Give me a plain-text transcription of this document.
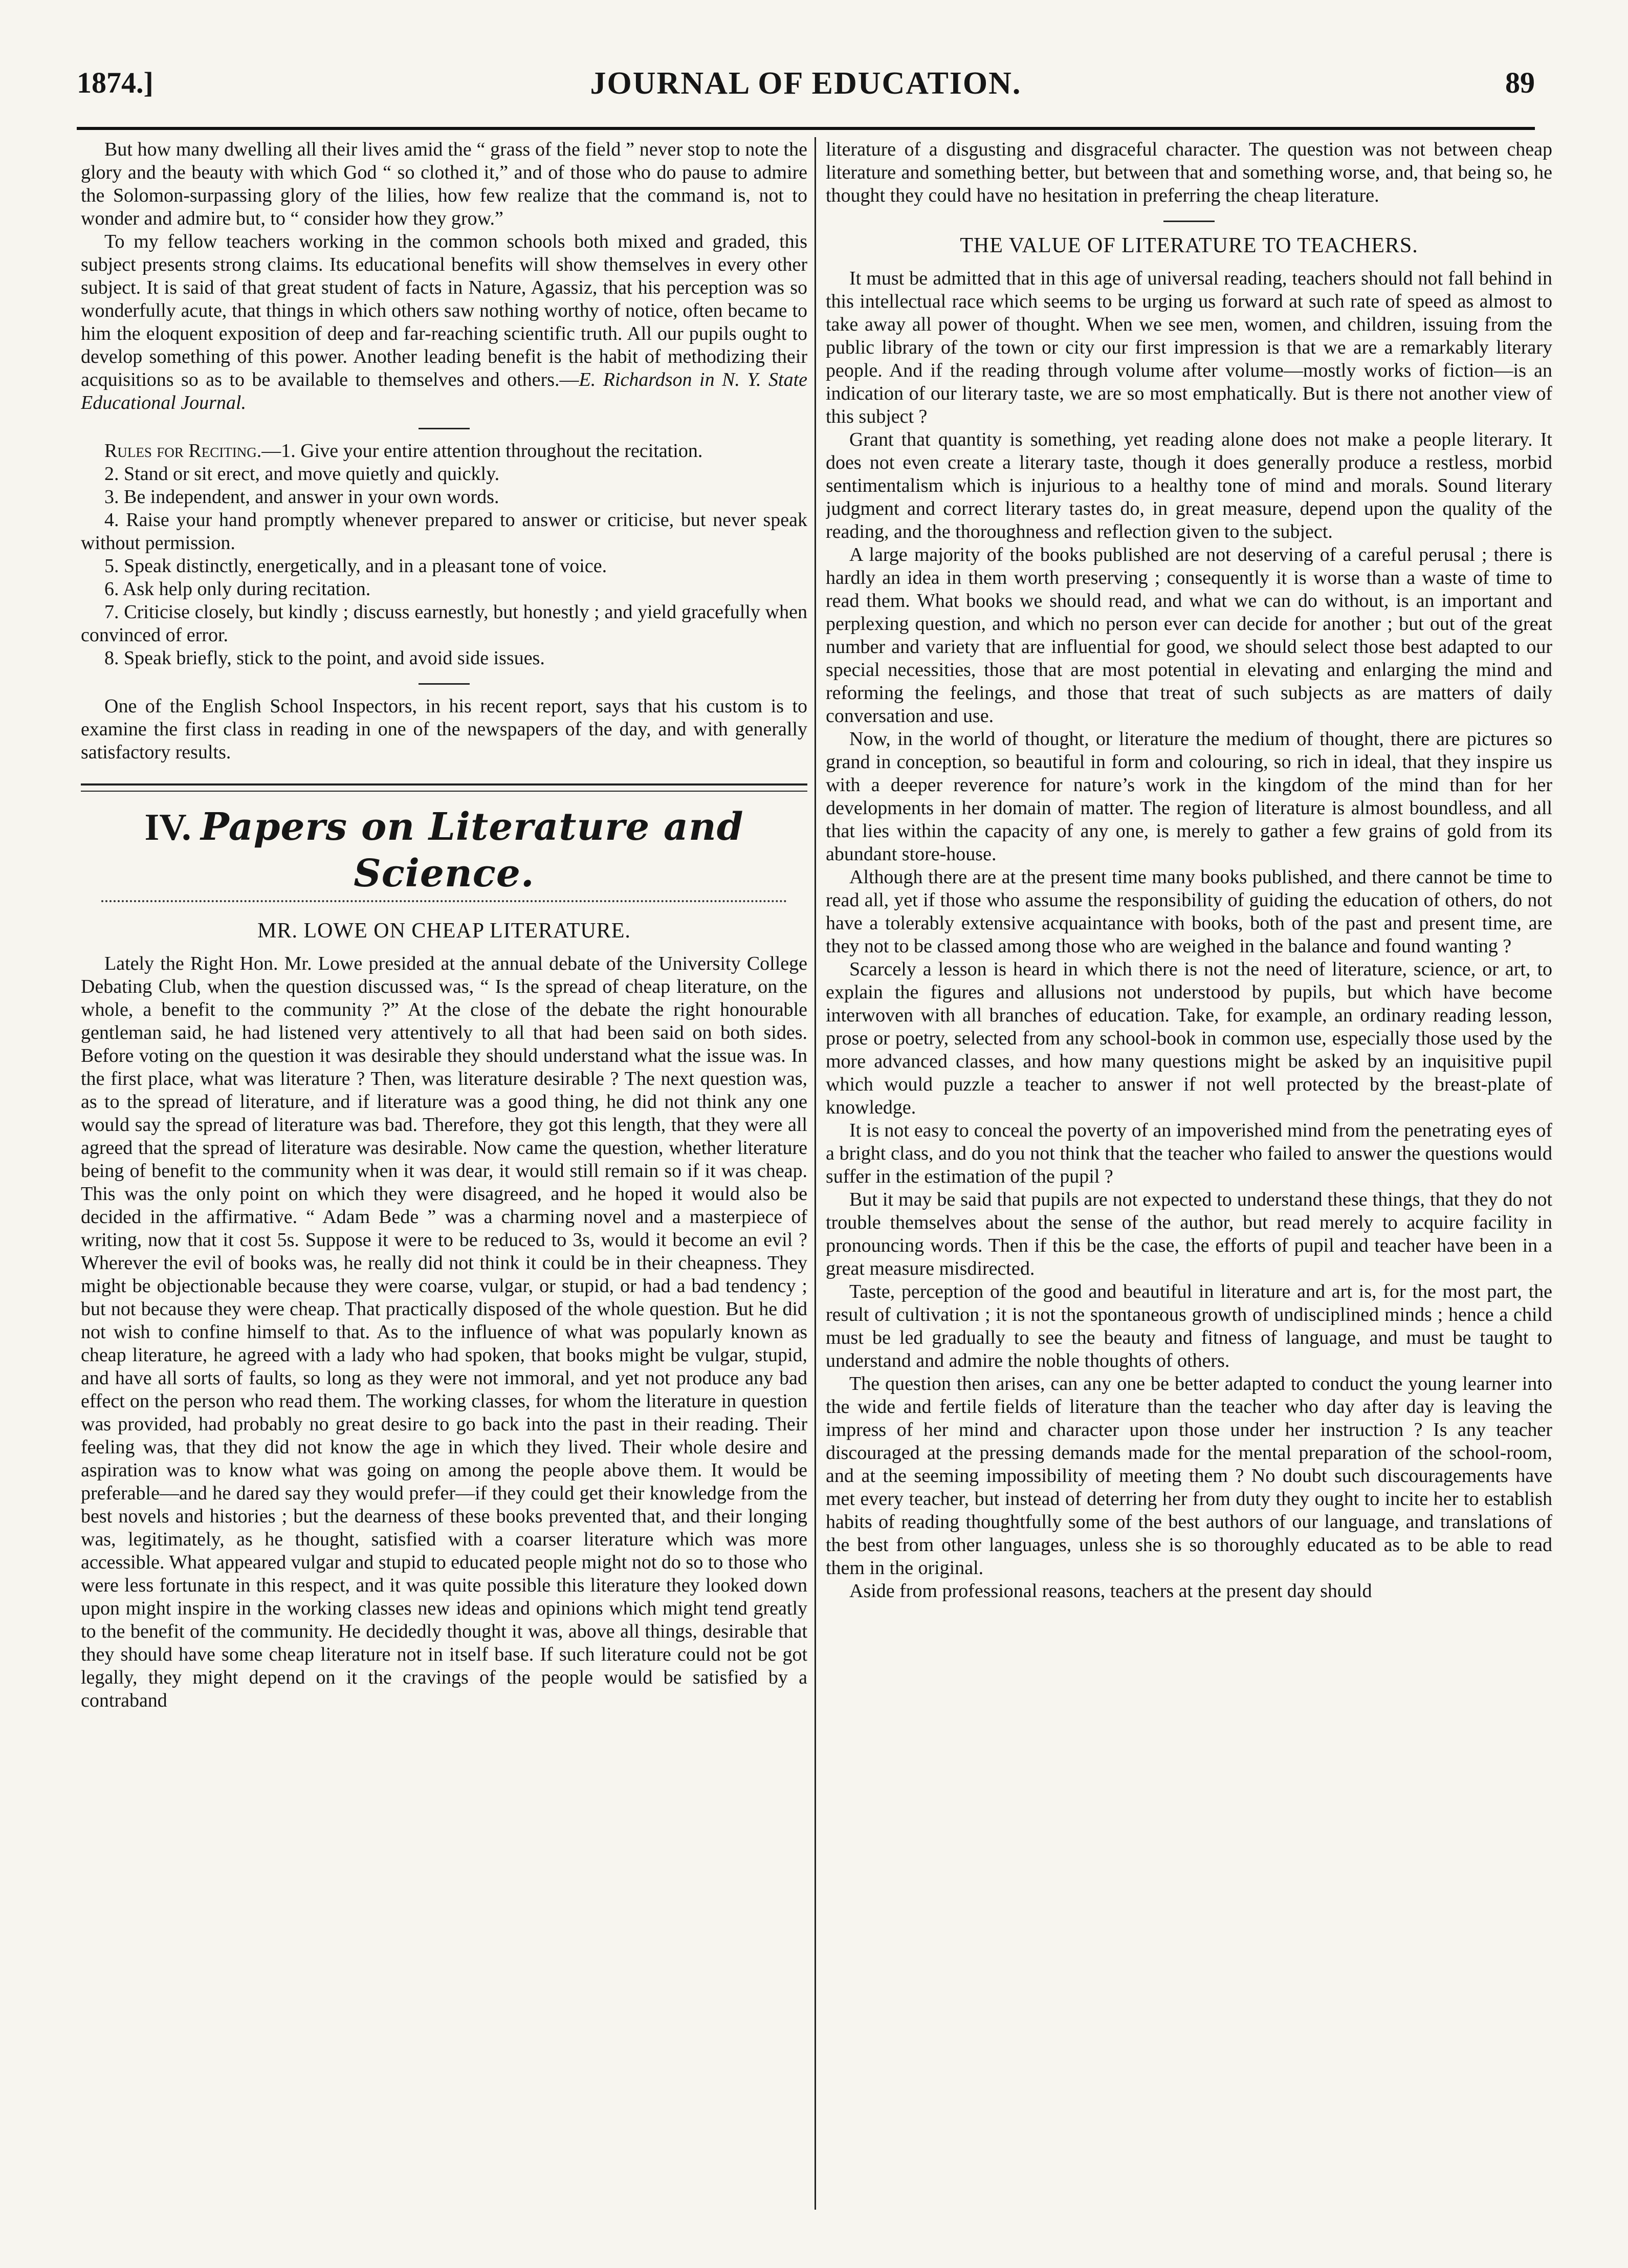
1874.]	JOURNAL OF EDUCATION.	89

But how many dwelling all their lives amid the “ grass of the field ” never stop to note the glory and the beauty with which God “ so clothed it,” and of those who do pause to admire the Solomon-surpassing glory of the lilies, how few realize that the command is, not to wonder and admire but, to “ consider how they grow.”

To my fellow teachers working in the common schools both mixed and graded, this subject presents strong claims. Its educational benefits will show themselves in every other subject. It is said of that great student of facts in Nature, Agassiz, that his perception was so wonderfully acute, that things in which others saw nothing worthy of notice, often became to him the eloquent exposition of deep and far-reaching scientific truth. All our pupils ought to develop something of this power. Another leading benefit is the habit of methodizing their acquisitions so as to be available to themselves and others.—E. Richardson in N. Y. State Educational Journal.

Rules for Reciting.—1. Give your entire attention throughout the recitation.

2. Stand or sit erect, and move quietly and quickly.

3. Be independent, and answer in your own words.

4. Raise your hand promptly whenever prepared to answer or criticise, but never speak without permission.

5. Speak distinctly, energetically, and in a pleasant tone of voice.

6. Ask help only during recitation.

7. Criticise closely, but kindly ; discuss earnestly, but honestly ; and yield gracefully when convinced of error.

8. Speak briefly, stick to the point, and avoid side issues.

One of the English School Inspectors, in his recent report, says that his custom is to examine the first class in reading in one of the newspapers of the day, and with generally satisfactory results.

IV. Papers on Literature and Science.
MR. LOWE ON CHEAP LITERATURE.

Lately the Right Hon. Mr. Lowe presided at the annual debate of the University College Debating Club, when the question discussed was, “ Is the spread of cheap literature, on the whole, a benefit to the community ?” At the close of the debate the right honourable gentleman said, he had listened very attentively to all that had been said on both sides. Before voting on the question it was desirable they should understand what the issue was. In the first place, what was literature ? Then, was literature desirable ? The next question was, as to the spread of literature, and if literature was a good thing, he did not think any one would say the spread of literature was bad. Therefore, they got this length, that they were all agreed that the spread of literature was desirable. Now came the question, whether literature being of benefit to the community when it was dear, it would still remain so if it was cheap. This was the only point on which they were disagreed, and he hoped it would also be decided in the affirmative. “ Adam Bede ” was a charming novel and a masterpiece of writing, now that it cost 5s. Suppose it were to be reduced to 3s, would it become an evil ? Wherever the evil of books was, he really did not think it could be in their cheapness. They might be objectionable because they were coarse, vulgar, or stupid, or had a bad tendency ; but not because they were cheap. That practically disposed of the whole question. But he did not wish to confine himself to that. As to the influence of what was popularly known as cheap literature, he agreed with a lady who had spoken, that books might be vulgar, stupid, and have all sorts of faults, so long as they were not immoral, and yet not produce any bad effect on the person who read them. The working classes, for whom the literature in question was provided, had probably no great desire to go back into the past in their reading. Their feeling was, that they did not know the age in which they lived. Their whole desire and aspiration was to know what was going on among the people above them. It would be preferable—and he dared say they would prefer—if they could get their knowledge from the best novels and histories ; but the dearness of these books prevented that, and their longing was, legitimately, as he thought, satisfied with a coarser literature which was more accessible. What appeared vulgar and stupid to educated people might not do so to those who were less fortunate in this respect, and it was quite possible this literature they looked down upon might inspire in the working classes new ideas and opinions which might tend greatly to the benefit of the community. He decidedly thought it was, above all things, desirable that they should have some cheap literature not in itself base. If such literature could not be got legally, they might depend on it the cravings of the people would be satisfied by a contraband

literature of a disgusting and disgraceful character. The question was not between cheap literature and something better, but between that and something worse, and, that being so, he thought they could have no hesitation in preferring the cheap literature.

THE VALUE OF LITERATURE TO TEACHERS.

It must be admitted that in this age of universal reading, teachers should not fall behind in this intellectual race which seems to be urging us forward at such rate of speed as almost to take away all power of thought. When we see men, women, and children, issuing from the public library of the town or city our first impression is that we are a remarkably literary people. And if the reading through volume after volume—mostly works of fiction—is an indication of our literary taste, we are so most emphatically. But is there not another view of this subject ?

Grant that quantity is something, yet reading alone does not make a people literary. It does not even create a literary taste, though it does generally produce a restless, morbid sentimentalism which is injurious to a healthy tone of mind and morals. Sound literary judgment and correct literary tastes do, in great measure, depend upon the quality of the reading, and the thoroughness and reflection given to the subject.

A large majority of the books published are not deserving of a careful perusal ; there is hardly an idea in them worth preserving ; consequently it is worse than a waste of time to read them. What books we should read, and what we can do without, is an important and perplexing question, and which no person ever can decide for another ; but out of the great number and variety that are influential for good, we should select those best adapted to our special necessities, those that are most potential in elevating and enlarging the mind and reforming the feelings, and those that treat of such subjects as are matters of daily conversation and use.

Now, in the world of thought, or literature the medium of thought, there are pictures so grand in conception, so beautiful in form and colouring, so rich in ideal, that they inspire us with a deeper reverence for nature’s work in the kingdom of the mind than for her developments in her domain of matter. The region of literature is almost boundless, and all that lies within the capacity of any one, is merely to gather a few grains of gold from its abundant store-house.

Although there are at the present time many books published, and there cannot be time to read all, yet if those who assume the responsibility of guiding the education of others, do not have a tolerably extensive acquaintance with books, both of the past and present time, are they not to be classed among those who are weighed in the balance and found wanting ?

Scarcely a lesson is heard in which there is not the need of literature, science, or art, to explain the figures and allusions not understood by pupils, but which have become interwoven with all branches of education. Take, for example, an ordinary reading lesson, prose or poetry, selected from any school-book in common use, especially those used by the more advanced classes, and how many questions might be asked by an inquisitive pupil which would puzzle a teacher to answer if not well protected by the breast-plate of knowledge.

It is not easy to conceal the poverty of an impoverished mind from the penetrating eyes of a bright class, and do you not think that the teacher who failed to answer the questions would suffer in the estimation of the pupil ?

But it may be said that pupils are not expected to understand these things, that they do not trouble themselves about the sense of the author, but read merely to acquire facility in pronouncing words. Then if this be the case, the efforts of pupil and teacher have been in a great measure misdirected.

Taste, perception of the good and beautiful in literature and art is, for the most part, the result of cultivation ; it is not the spontaneous growth of undisciplined minds ; hence a child must be led gradually to see the beauty and fitness of language, and must be taught to understand and admire the noble thoughts of others.

The question then arises, can any one be better adapted to conduct the young learner into the wide and fertile fields of literature than the teacher who day after day is leaving the impress of her mind and character upon those under her instruction ? Is any teacher discouraged at the pressing demands made for the mental preparation of the school-room, and at the seeming impossibility of meeting them ? No doubt such discouragements have met every teacher, but instead of deterring her from duty they ought to incite her to establish habits of reading thoughtfully some of the best authors of our language, and translations of the best from other languages, unless she is so thoroughly educated as to be able to read them in the original.

Aside from professional reasons, teachers at the present day should
